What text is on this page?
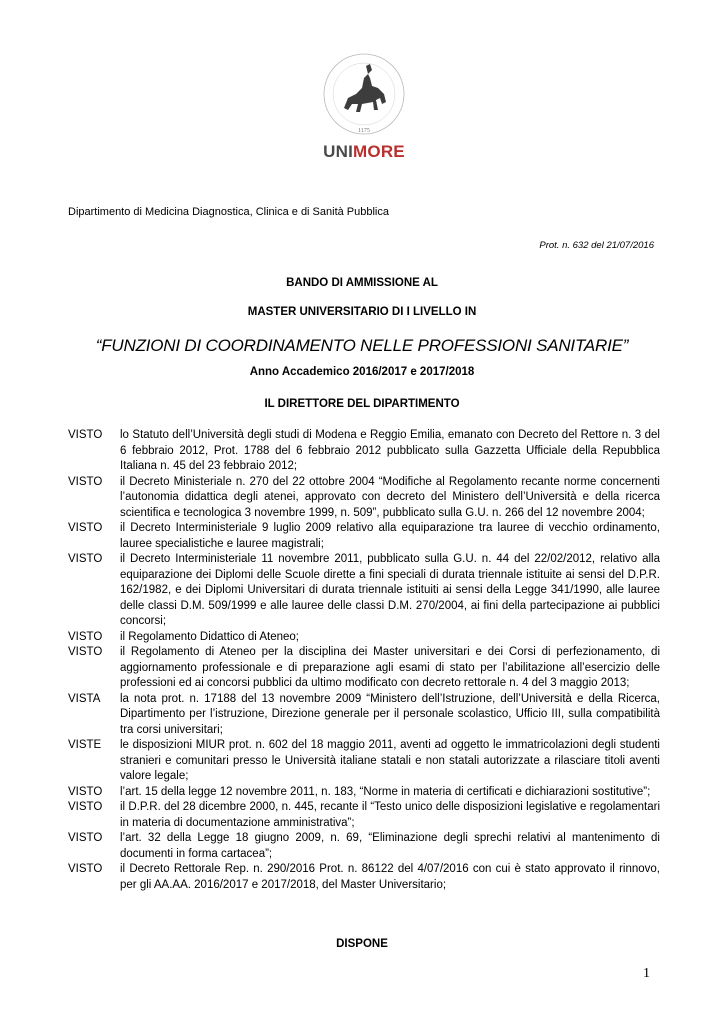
1175
UNIMORE
Dipartimento di Medicina Diagnostica, Clinica e di Sanità Pubblica
Prot. n. 632 del 21/07/2016
BANDO DI AMMISSIONE AL
MASTER UNIVERSITARIO DI I LIVELLO IN
“FUNZIONI DI COORDINAMENTO NELLE PROFESSIONI SANITARIE”
Anno Accademico 2016/2017 e 2017/2018
IL DIRETTORE DEL DIPARTIMENTO
VISTO	lo Statuto dell’Università degli studi di Modena e Reggio Emilia, emanato con Decreto del Rettore n. 3 del 6 febbraio 2012, Prot. 1788 del 6 febbraio 2012 pubblicato sulla Gazzetta Ufficiale della Repubblica Italiana n. 45 del 23 febbraio 2012;
VISTO	il Decreto Ministeriale n. 270 del 22 ottobre 2004 “Modifiche al Regolamento recante norme concernenti l’autonomia didattica degli atenei, approvato con decreto del Ministero dell’Università e della ricerca scientifica e tecnologica 3 novembre 1999, n. 509”, pubblicato sulla G.U. n. 266 del 12 novembre 2004;
VISTO	il Decreto Interministeriale 9 luglio 2009 relativo alla equiparazione tra lauree di vecchio ordinamento, lauree specialistiche e lauree magistrali;
VISTO	il Decreto Interministeriale 11 novembre 2011, pubblicato sulla G.U. n. 44 del 22/02/2012, relativo alla equiparazione dei Diplomi delle Scuole dirette a fini speciali di durata triennale istituite ai sensi del D.P.R. 162/1982, e dei Diplomi Universitari di durata triennale istituiti ai sensi della Legge 341/1990, alle lauree delle classi D.M. 509/1999 e alle lauree delle classi D.M. 270/2004, ai fini della partecipazione ai pubblici concorsi;
VISTO	il Regolamento Didattico di Ateneo;
VISTO	il Regolamento di Ateneo per la disciplina dei Master universitari e dei Corsi di perfezionamento, di aggiornamento professionale e di preparazione agli esami di stato per l’abilitazione all’esercizio delle professioni ed ai concorsi pubblici da ultimo modificato con decreto rettorale n. 4 del 3 maggio 2013;
VISTA	la nota prot. n. 17188 del 13 novembre 2009 “Ministero dell’Istruzione, dell’Università e della Ricerca, Dipartimento per l’istruzione, Direzione generale per il personale scolastico, Ufficio III, sulla compatibilità tra corsi universitari;
VISTE	le disposizioni MIUR prot. n. 602 del 18 maggio 2011, aventi ad oggetto le immatricolazioni degli studenti stranieri e comunitari presso le Università italiane statali e non statali autorizzate a rilasciare titoli aventi valore legale;
VISTO	l’art. 15 della legge 12 novembre 2011, n. 183, “Norme in materia di certificati e dichiarazioni sostitutive”;
VISTO	il D.P.R. del 28 dicembre 2000, n. 445, recante il “Testo unico delle disposizioni legislative e regolamentari in materia di documentazione amministrativa”;
VISTO	l’art. 32 della Legge 18 giugno 2009, n. 69, “Eliminazione degli sprechi relativi al mantenimento di documenti in forma cartacea”;
VISTO	il Decreto Rettorale Rep. n. 290/2016 Prot. n. 86122 del 4/07/2016 con cui è stato approvato il rinnovo, per gli AA.AA. 2016/2017 e 2017/2018, del Master Universitario;
DISPONE
1
